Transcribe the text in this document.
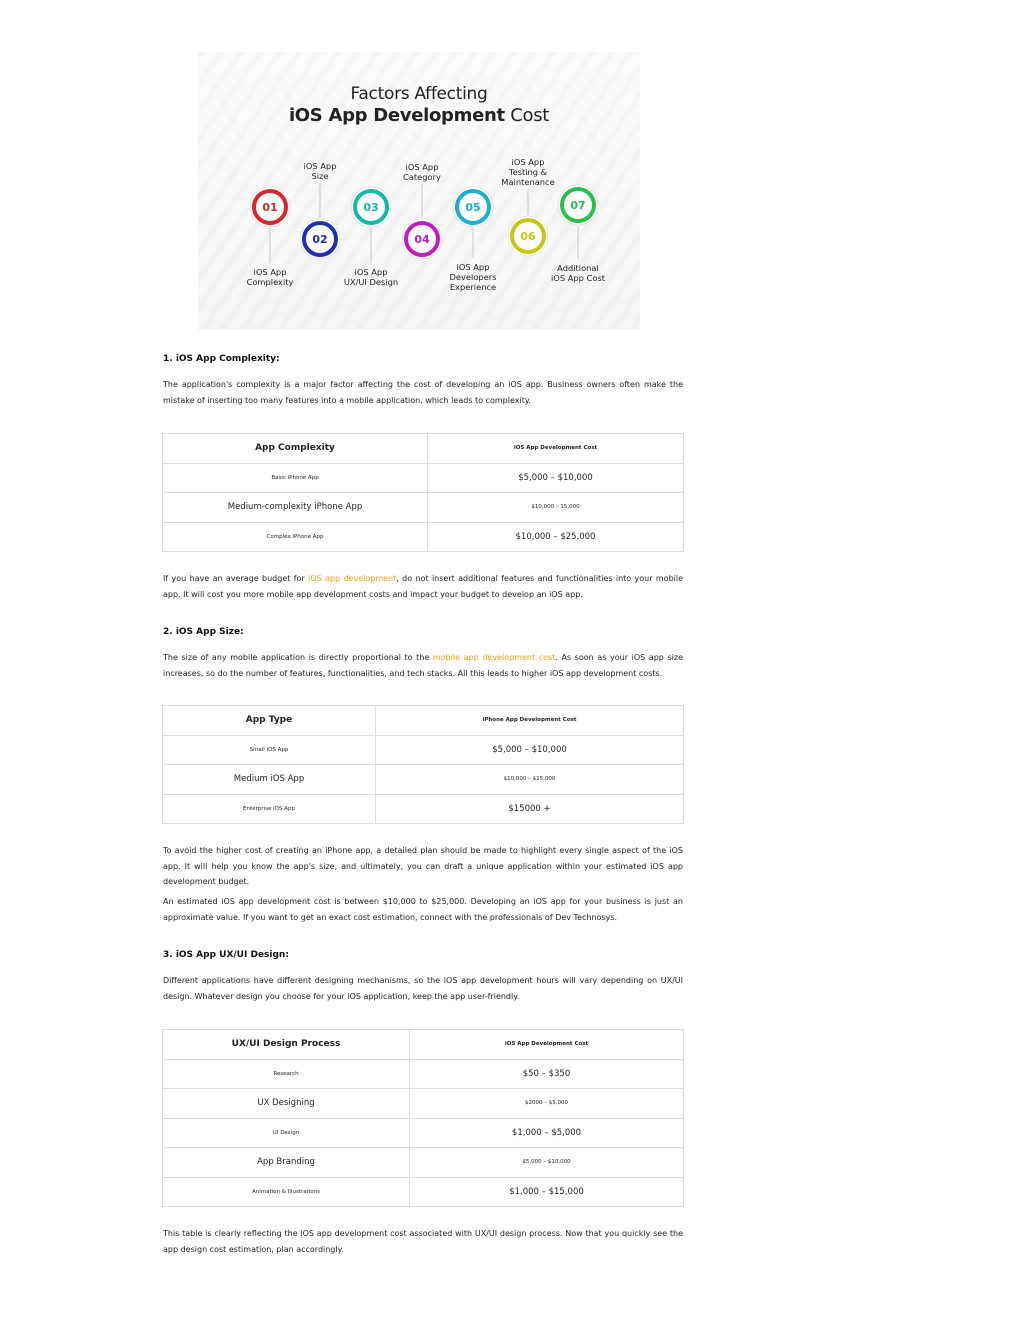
Factors Affecting
iOS App Development Cost
01
iOS App
Complexity
02
iOS App
Size
03
iOS App
UX/UI Design
04
iOS App
Category
05
iOS App
Developers
Experience
06
iOS App
Testing &
Maintenance
07
Additional
iOS App Cost
1. iOS App Complexity:

The application's complexity is a major factor affecting the cost of developing an iOS app. Business owners often make the mistake of inserting too many features into a mobile application, which leads to complexity.

App Complexity	iOS App Development Cost
Basic iPhone App	$5,000 – $10,000
Medium-complexity iPhone App	$10,000 – 15,000
Complex iPhone App	$10,000 – $25,000

If you have an average budget for iOS app development, do not insert additional features and functionalities into your mobile app. It will cost you more mobile app development costs and impact your budget to develop an iOS app.

2. iOS App Size:

The size of any mobile application is directly proportional to the mobile app development cost. As soon as your iOS app size increases, so do the number of features, functionalities, and tech stacks. All this leads to higher iOS app development costs.

App Type	iPhone App Development Cost
Small iOS App	$5,000 – $10,000
Medium iOS App	$10,000 – $15,000
Enterprise iOS App	$15000 +

To avoid the higher cost of creating an iPhone app, a detailed plan should be made to highlight every single aspect of the iOS app. It will help you know the app's size, and ultimately, you can draft a unique application within your estimated iOS app development budget.

An estimated iOS app development cost is between $10,000 to $25,000. Developing an iOS app for your business is just an approximate value. If you want to get an exact cost estimation, connect with the professionals of Dev Technosys.

3. iOS App UX/UI Design:

Different applications have different designing mechanisms, so the iOS app development hours will vary depending on UX/UI design. Whatever design you choose for your iOS application, keep the app user-friendly.

UX/UI Design Process	iOS App Development Cost
Research	$50 – $350
UX Designing	$2000 – $5,000
UI Design	$1,000 – $5,000
App Branding	$5,000 – $10,000
Animation & Illustrations	$1,000 – $15,000

This table is clearly reflecting the iOS app development cost associated with UX/UI design process. Now that you quickly see the app design cost estimation, plan accordingly.
